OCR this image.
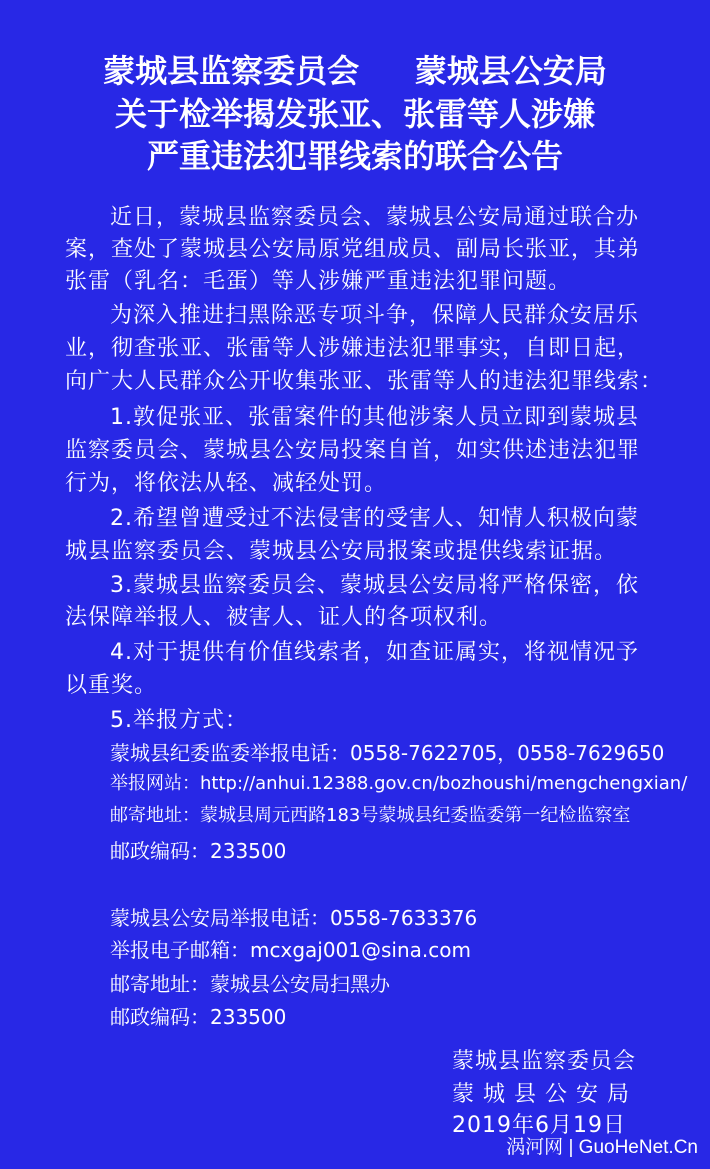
蒙城县监察委员会     蒙城县公安局
关于检举揭发张亚、张雷等人涉嫌
严重违法犯罪线索的联合公告
近日，蒙城县监察委员会、蒙城县公安局通过联合办
案，查处了蒙城县公安局原党组成员、副局长张亚，其弟
张雷（乳名：毛蛋）等人涉嫌严重违法犯罪问题。
为深入推进扫黑除恶专项斗争，保障人民群众安居乐
业，彻查张亚、张雷等人涉嫌违法犯罪事实，自即日起，
向广大人民群众公开收集张亚、张雷等人的违法犯罪线索：
1.敦促张亚、张雷案件的其他涉案人员立即到蒙城县
监察委员会、蒙城县公安局投案自首，如实供述违法犯罪
行为，将依法从轻、减轻处罚。
2.希望曾遭受过不法侵害的受害人、知情人积极向蒙
城县监察委员会、蒙城县公安局报案或提供线索证据。
3.蒙城县监察委员会、蒙城县公安局将严格保密，依
法保障举报人、被害人、证人的各项权利。
4.对于提供有价值线索者，如查证属实，将视情况予
以重奖。
5.举报方式：
蒙城县纪委监委举报电话：0558-7622705，0558-7629650
举报网站：http://anhui.12388.gov.cn/bozhoushi/mengchengxian/
邮寄地址：蒙城县周元西路183号蒙城县纪委监委第一纪检监察室
邮政编码：233500
蒙城县公安局举报电话：0558-7633376
举报电子邮箱：mcxgaj001@sina.com
邮寄地址：蒙城县公安局扫黑办
邮政编码：233500
蒙城县监察委员会
蒙城县公安局
2019年6月19日
涡河网 | GuoHeNet.Cn
